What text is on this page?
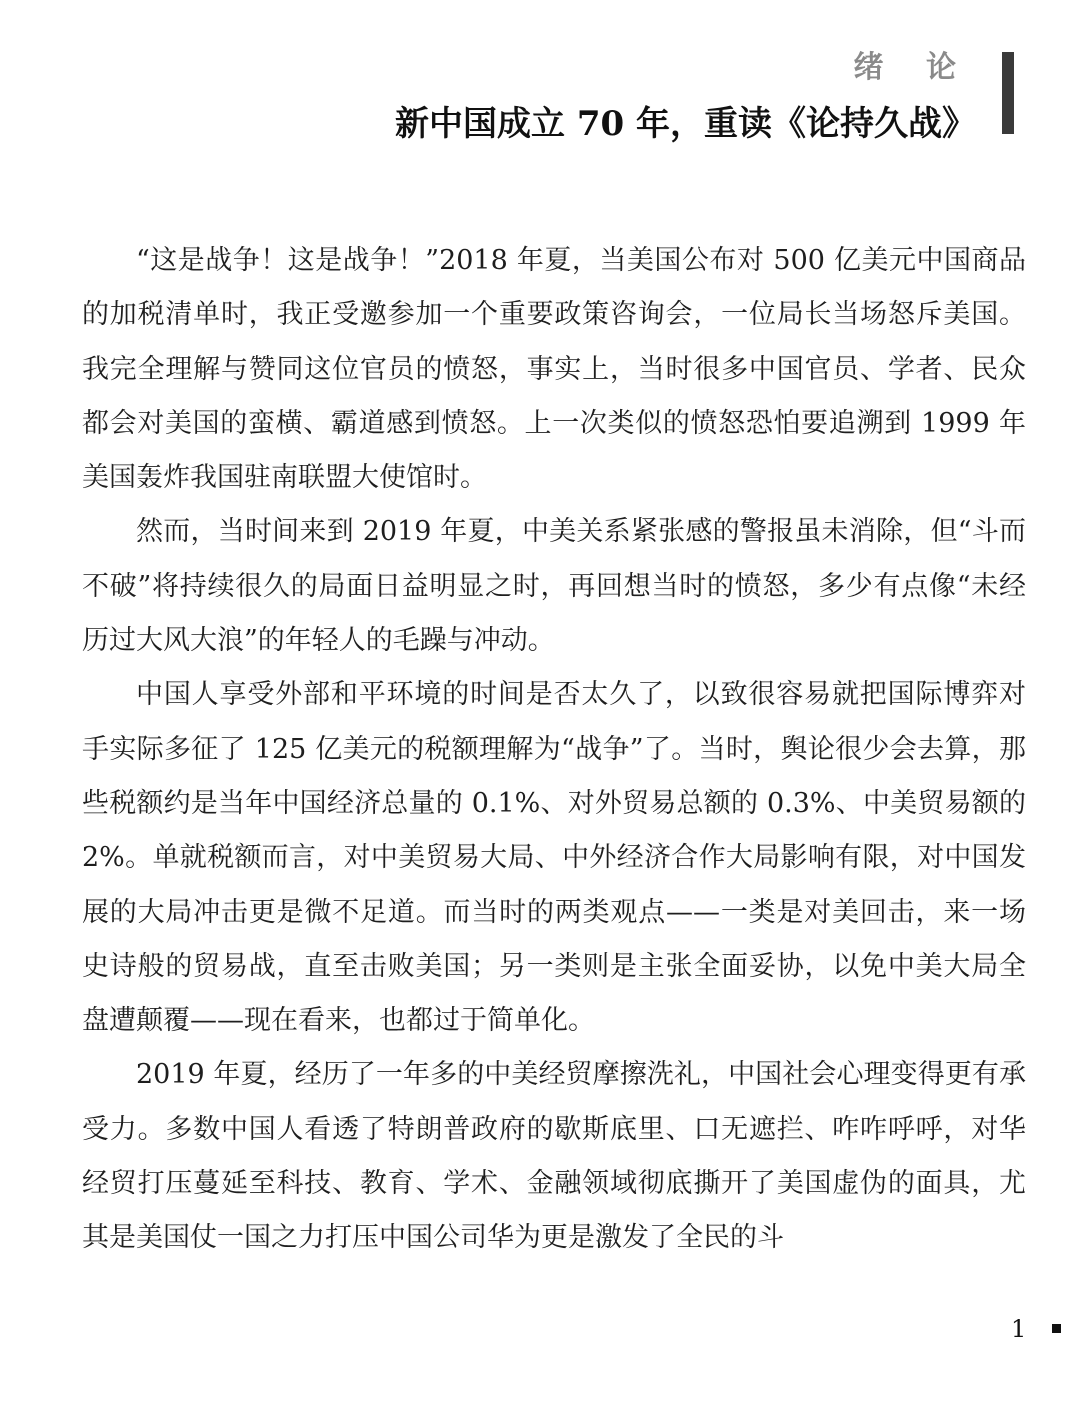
绪 论
新中国成立 70 年，重读《论持久战》

“这是战争！这是战争！”2018 年夏，当美国公布对 500 亿美元中国商品的加税清单时，我正受邀参加一个重要政策咨询会，一位局长当场怒斥美国。我完全理解与赞同这位官员的愤怒，事实上，当时很多中国官员、学者、民众都会对美国的蛮横、霸道感到愤怒。上一次类似的愤怒恐怕要追溯到 1999 年美国轰炸我国驻南联盟大使馆时。

然而，当时间来到 2019 年夏，中美关系紧张感的警报虽未消除，但“斗而不破”将持续很久的局面日益明显之时，再回想当时的愤怒，多少有点像“未经历过大风大浪”的年轻人的毛躁与冲动。

中国人享受外部和平环境的时间是否太久了，以致很容易就把国际博弈对手实际多征了 125 亿美元的税额理解为“战争”了。当时，舆论很少会去算，那些税额约是当年中国经济总量的 0.1%、对外贸易总额的 0.3%、中美贸易额的 2%。单就税额而言，对中美贸易大局、中外经济合作大局影响有限，对中国发展的大局冲击更是微不足道。而当时的两类观点——一类是对美回击，来一场史诗般的贸易战，直至击败美国；另一类则是主张全面妥协，以免中美大局全盘遭颠覆——现在看来，也都过于简单化。

2019 年夏，经历了一年多的中美经贸摩擦洗礼，中国社会心理变得更有承受力。多数中国人看透了特朗普政府的歇斯底里、口无遮拦、咋咋呼呼，对华经贸打压蔓延至科技、教育、学术、金融领域彻底撕开了美国虚伪的面具，尤其是美国仗一国之力打压中国公司华为更是激发了全民的斗

1
